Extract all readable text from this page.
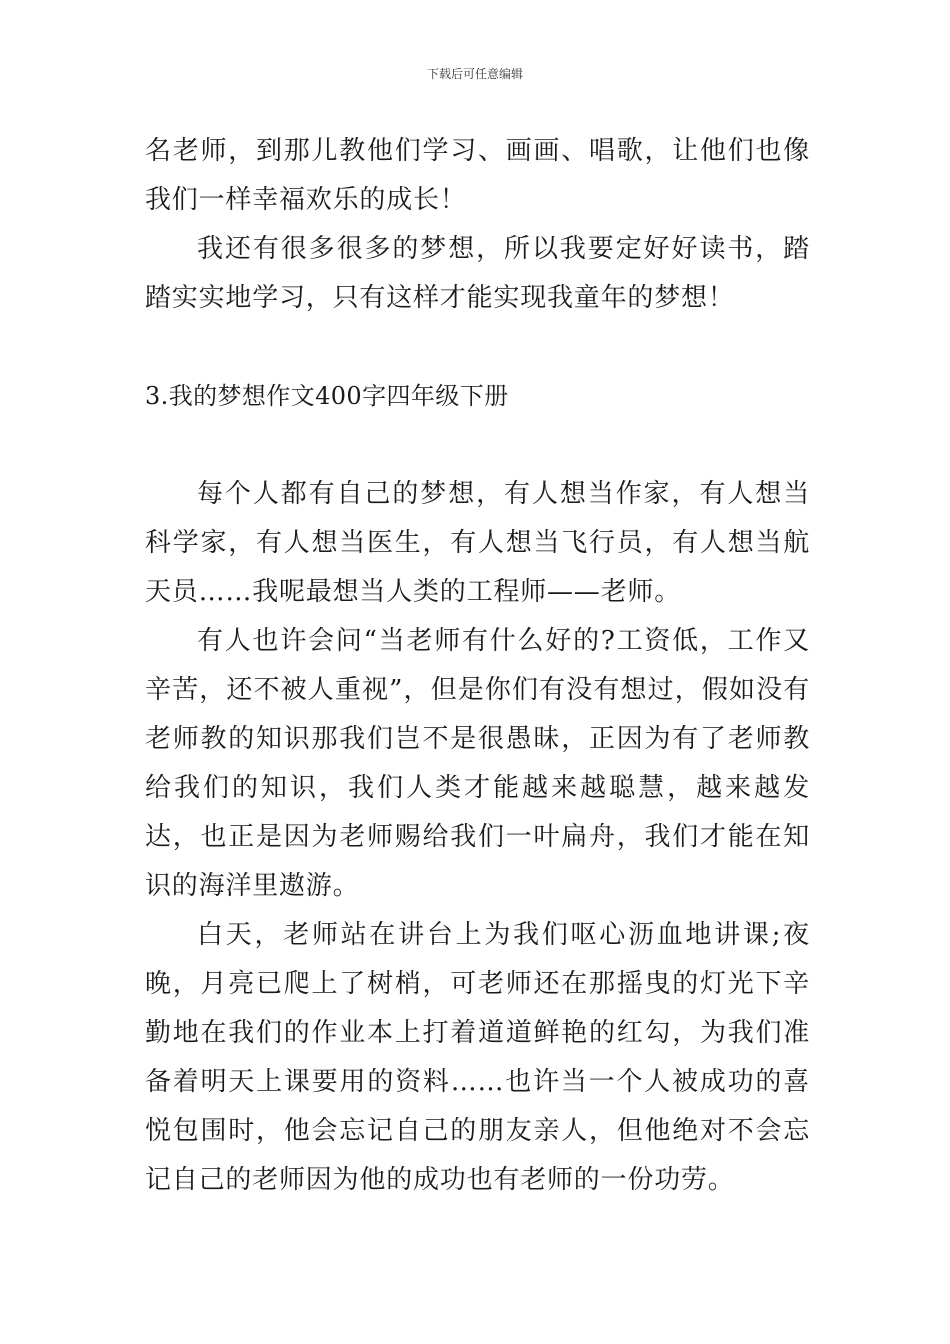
下载后可任意编辑

名老师，到那儿教他们学习、画画、唱歌，让他们也像我们一样幸福欢乐的成长！

我还有很多很多的梦想，所以我要定好好读书，踏踏实实地学习，只有这样才能实现我童年的梦想！

3.我的梦想作文400字四年级下册

每个人都有自己的梦想，有人想当作家，有人想当科学家，有人想当医生，有人想当飞行员，有人想当航天员……我呢最想当人类的工程师——老师。

有人也许会问“当老师有什么好的?工资低，工作又辛苦，还不被人重视”，但是你们有没有想过，假如没有老师教的知识那我们岂不是很愚昧，正因为有了老师教给我们的知识，我们人类才能越来越聪慧，越来越发达，也正是因为老师赐给我们一叶扁舟，我们才能在知识的海洋里遨游。

白天，老师站在讲台上为我们呕心沥血地讲课;夜晚，月亮已爬上了树梢，可老师还在那摇曳的灯光下辛勤地在我们的作业本上打着道道鲜艳的红勾，为我们准备着明天上课要用的资料……也许当一个人被成功的喜悦包围时，他会忘记自己的朋友亲人，但他绝对不会忘记自己的老师因为他的成功也有老师的一份功劳。
